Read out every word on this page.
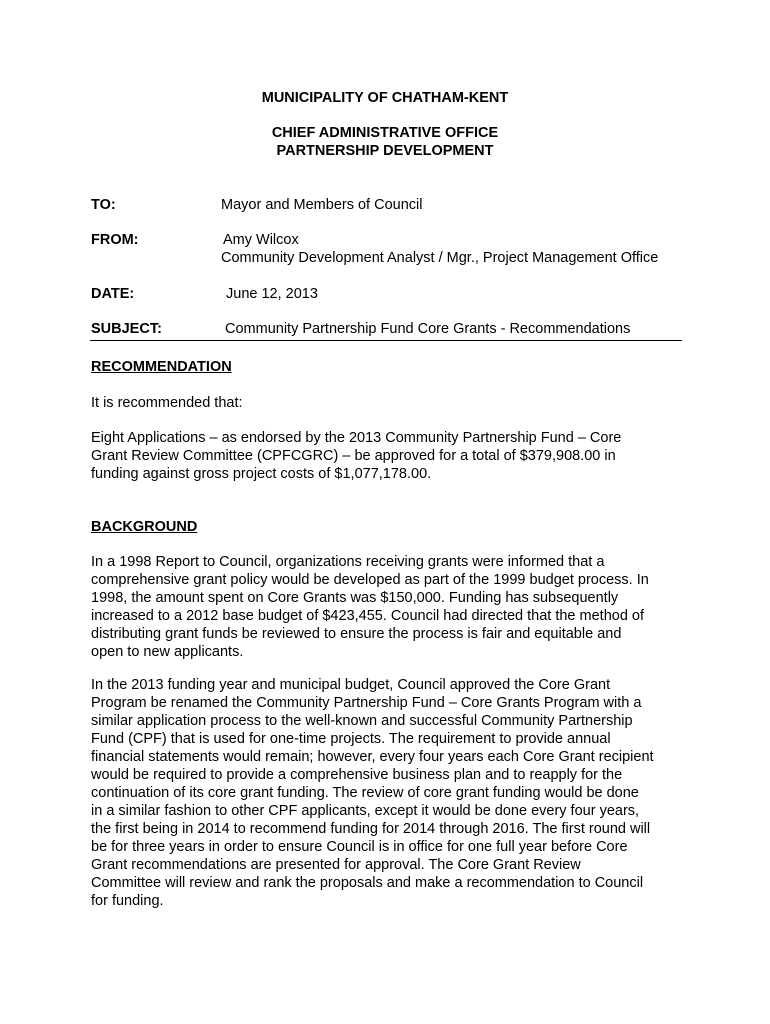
MUNICIPALITY OF CHATHAM-KENT
CHIEF ADMINISTRATIVE OFFICE
PARTNERSHIP DEVELOPMENT
TO:	Mayor and Members of Council
FROM:	Amy Wilcox
Community Development Analyst / Mgr., Project Management Office
DATE:	June 12, 2013
SUBJECT:	Community Partnership Fund Core Grants - Recommendations
RECOMMENDATION
It is recommended that:
Eight Applications – as endorsed by the 2013 Community Partnership Fund – Core
Grant Review Committee (CPFCGRC) – be approved for a total of $379,908.00 in
funding against gross project costs of $1,077,178.00.
BACKGROUND
In a 1998 Report to Council, organizations receiving grants were informed that a
comprehensive grant policy would be developed as part of the 1999 budget process. In
1998, the amount spent on Core Grants was $150,000. Funding has subsequently
increased to a 2012 base budget of $423,455. Council had directed that the method of
distributing grant funds be reviewed to ensure the process is fair and equitable and
open to new applicants.
In the 2013 funding year and municipal budget, Council approved the Core Grant
Program be renamed the Community Partnership Fund – Core Grants Program with a
similar application process to the well-known and successful Community Partnership
Fund (CPF) that is used for one-time projects. The requirement to provide annual
financial statements would remain; however, every four years each Core Grant recipient
would be required to provide a comprehensive business plan and to reapply for the
continuation of its core grant funding. The review of core grant funding would be done
in a similar fashion to other CPF applicants, except it would be done every four years,
the first being in 2014 to recommend funding for 2014 through 2016. The first round will
be for three years in order to ensure Council is in office for one full year before Core
Grant recommendations are presented for approval. The Core Grant Review
Committee will review and rank the proposals and make a recommendation to Council
for funding.
